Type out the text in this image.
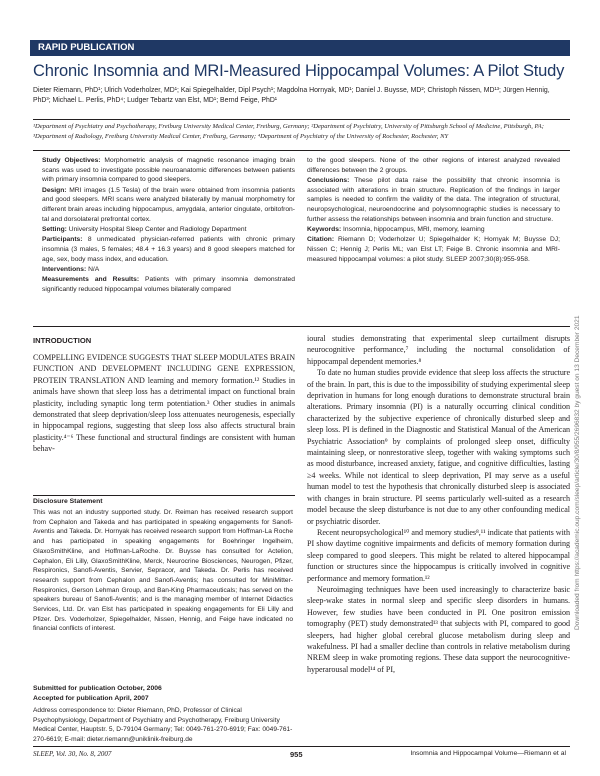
RAPID PUBLICATION
Chronic Insomnia and MRI-Measured Hippocampal Volumes: A Pilot Study
Dieter Riemann, PhD¹; Ulrich Voderholzer, MD¹; Kai Spiegelhalder, Dipl Psych¹; Magdolna Hornyak, MD¹; Daniel J. Buysse, MD²; Christoph Nissen, MD¹³; Jürgen Hennig, PhD³; Michael L. Perlis, PhD⁴; Ludger Tebartz van Elst, MD¹; Bernd Feige, PhD¹
¹Department of Psychiatry and Psychotherapy, Freiburg University Medical Center, Freiburg, Germany; ²Department of Psychiatry, University of Pittsburgh School of Medicine, Pittsburgh, PA; ³Department of Radiology, Freiburg University Medical Center, Freiburg, Germany; ⁴Department of Psychiatry of the University of Rochester, Rochester, NY

Study Objectives: Morphometric analysis of magnetic resonance imaging brain scans was used to investigate possible neuroanatomic differences between patients with primary insomnia compared to good sleepers.

Design: MRI images (1.5 Tesla) of the brain were obtained from insomnia patients and good sleepers. MRI scans were analyzed bilaterally by manual morphometry for different brain areas including hippocampus, amygdala, anterior cingulate, orbitofron-tal and dorsolateral prefrontal cortex.

Setting: University Hospital Sleep Center and Radiology Department

Participants: 8 unmedicated physician-referred patients with chronic primary insomnia (3 males, 5 females; 48.4 + 16.3 years) and 8 good sleepers matched for age, sex, body mass index, and education.

Interventions: N/A

Measurements and Results: Patients with primary insomnia demonstrated significantly reduced hippocampal volumes bilaterally compared

to the good sleepers. None of the other regions of interest analyzed revealed differences between the 2 groups.

Conclusions: These pilot data raise the possibility that chronic insomnia is associated with alterations in brain structure. Replication of the findings in larger samples is needed to confirm the validity of the data. The integration of structural, neuropsychological, neuroendocrine and polysomnographic studies is necessary to further assess the relationships between insomnia and brain function and structure.

Keywords: Insomnia, hippocampus, MRI, memory, learning

Citation: Riemann D; Voderholzer U; Spiegelhalder K; Hornyak M; Buysse DJ; Nissen C; Hennig J; Perlis ML; van Elst LT; Feige B. Chronic insomnia and MRI-measured hippocampal volumes: a pilot study. SLEEP 2007;30(8):955-958.

INTRODUCTION

COMPELLING EVIDENCE SUGGESTS THAT SLEEP MODULATES BRAIN FUNCTION AND DEVELOPMENT INCLUDING GENE EXPRESSION, PROTEIN TRANSLATION AND learning and memory formation.¹² Studies in animals have shown that sleep loss has a detrimental impact on functional brain plasticity, including synaptic long term potentiation.³ Other studies in animals demonstrated that sleep deprivation/sleep loss attenuates neurogenesis, especially in hippocampal regions, suggesting that sleep loss also affects structural brain plasticity.⁴⁻⁶ These functional and structural findings are consistent with human behav-

Disclosure Statement
This was not an industry supported study. Dr. Reiman has received research support from Cephalon and Takeda and has participated in speaking engagements for Sanofi-Aventis and Takeda. Dr. Hornyak has received research support from Hoffman-La Roche and has participated in speaking engagements for Boehringer Ingelheim, GlaxoSmithKline, and Hoffman-LaRoche. Dr. Buysse has consulted for Actelion, Cephalon, Eli Lilly, GlaxoSmithKline, Merck, Neurocrine Biosciences, Neurogen, Pfizer, Respironics, Sanofi-Aventis, Servier, Sepracor, and Takeda. Dr. Perlis has received research support from Cephalon and Sanofi-Aventis; has consulted for MiniMitter-Respironics, Gerson Lehman Group, and Ban-King Pharmaceuticals; has served on the speakers bureau of Sanofi-Aventis; and is the managing member of Internet Didactics Services, Ltd. Dr. van Elst has participated in speaking engagements for Eli Lilly and Pfizer. Drs. Voderholzer, Spiegelhalder, Nissen, Hennig, and Feige have indicated no financial conflicts of interest.
Submitted for publication October, 2006
Accepted for publication April, 2007
Address correspondence to: Dieter Riemann, PhD, Professor of Clinical Psychophysiology, Department of Psychiatry and Psychotherapy, Freiburg University Medical Center, Hauptstr. 5, D-79104 Germany; Tel: 0049-761-270-6919; Fax: 0049-761-270-6619; E-mail: dieter.riemann@uniklinik-freiburg.de

ioural studies demonstrating that experimental sleep curtailment disrupts neurocognitive performance,⁷ including the nocturnal consolidation of hippocampal dependent memories.⁸

To date no human studies provide evidence that sleep loss affects the structure of the brain. In part, this is due to the impossibility of studying experimental sleep deprivation in humans for long enough durations to demonstrate structural brain alterations. Primary insomnia (PI) is a naturally occurring clinical condition characterized by the subjective experience of chronically disturbed sleep and sleep loss. PI is defined in the Diagnostic and Statistical Manual of the American Psychiatric Association⁹ by complaints of prolonged sleep onset, difficulty maintaining sleep, or nonrestorative sleep, together with waking symptoms such as mood disturbance, increased anxiety, fatigue, and cognitive difficulties, lasting ≥4 weeks. While not identical to sleep deprivation, PI may serve as a useful human model to test the hypothesis that chronically disturbed sleep is associated with changes in brain structure. PI seems particularly well-suited as a research model because the sleep disturbance is not due to any other confounding medical or psychiatric disorder.

Recent neuropsychological¹⁰ and memory studies⁸,¹¹ indicate that patients with PI show daytime cognitive impairments and deficits of memory formation during sleep compared to good sleepers. This might be related to altered hippocampal function or structures since the hippocampus is critically involved in cognitive performance and memory formation.¹²

Neuroimaging techniques have been used increasingly to characterize basic sleep-wake states in normal sleep and specific sleep disorders in humans. However, few studies have been conducted in PI. One positron emission tomography (PET) study demonstrated¹³ that subjects with PI, compared to good sleepers, had higher global cerebral glucose metabolism during sleep and wakefulness. PI had a smaller decline than controls in relative metabolism during NREM sleep in wake promoting regions. These data support the neurocognitive-hyperarousal model¹⁴ of PI,

SLEEP, Vol. 30, No. 8, 2007	955	Insomnia and Hippocampal Volume—Riemann et al
Downloaded from https://academic.oup.com/sleep/article/30/8/955/2696832 by guest on 13 December 2021
